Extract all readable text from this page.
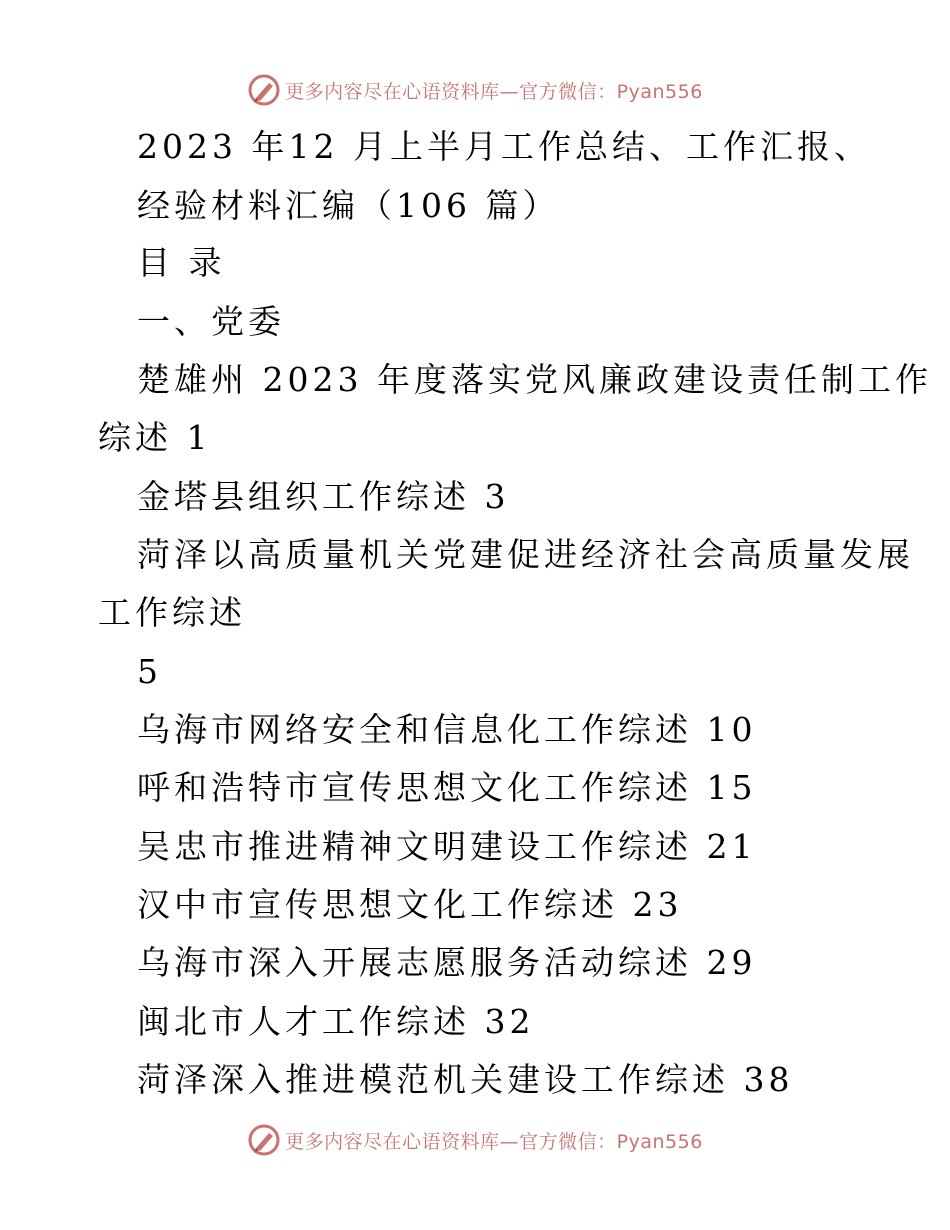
更多内容尽在心语资料库—官方微信：Pyan556
2023 年12 月上半月工作总结、工作汇报、
经验材料汇编（106 篇）
目 录
一、党委
楚雄州 2023 年度落实党风廉政建设责任制工作
综述 1
金塔县组织工作综述 3
菏泽以高质量机关党建促进经济社会高质量发展
工作综述
5
乌海市网络安全和信息化工作综述 10
呼和浩特市宣传思想文化工作综述 15
吴忠市推进精神文明建设工作综述 21
汉中市宣传思想文化工作综述 23
乌海市深入开展志愿服务活动综述 29
闽北市人才工作综述 32
菏泽深入推进模范机关建设工作综述 38
更多内容尽在心语资料库—官方微信：Pyan556
